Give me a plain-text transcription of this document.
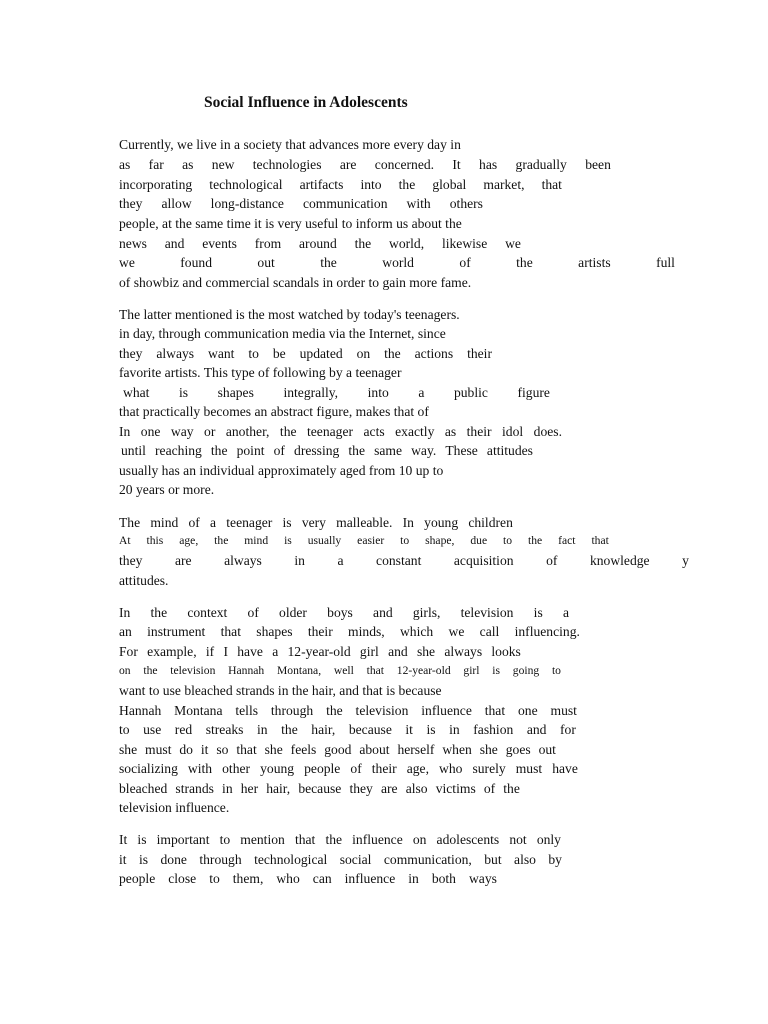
Social Influence in Adolescents
Currently, we live in a society that advances more every day in
as far as new technologies are concerned. It has gradually been
incorporating technological artifacts into the global market, that
they allow long-distance communication with others
people, at the same time it is very useful to inform us about the
news and events from around the world, likewise we
we	found	out	the	world	of	the	artists	full
of showbiz and commercial scandals in order to gain more fame.
The latter mentioned is the most watched by today's teenagers.
in day, through communication media via the Internet, since
they always want to be updated on the actions their
favorite artists. This type of following by a teenager
what is shapes integrally, into a public figure
that practically becomes an abstract figure, makes that of
In one way or another, the teenager acts exactly as their idol does.
until reaching the point of dressing the same way. These attitudes
usually has an individual approximately aged from 10 up to
20 years or more.
The mind of a teenager is very malleable. In young children
At this age, the mind is usually easier to shape, due to the fact that
they are always in a constant acquisition of knowledge y
attitudes.
In the context of older boys and girls, television is a
an instrument that shapes their minds, which we call influencing.
For example, if I have a 12-year-old girl and she always looks
on the television Hannah Montana, well that 12-year-old girl is going to
want to use bleached strands in the hair, and that is because
Hannah Montana tells through the television influence that one must
to use red streaks in the hair, because it is in fashion and for
she must do it so that she feels good about herself when she goes out
socializing with other young people of their age, who surely must have
bleached strands in her hair, because they are also victims of the
television influence.
It is important to mention that the influence on adolescents not only
it is done through technological social communication, but also by
people close to them, who can influence in both ways
